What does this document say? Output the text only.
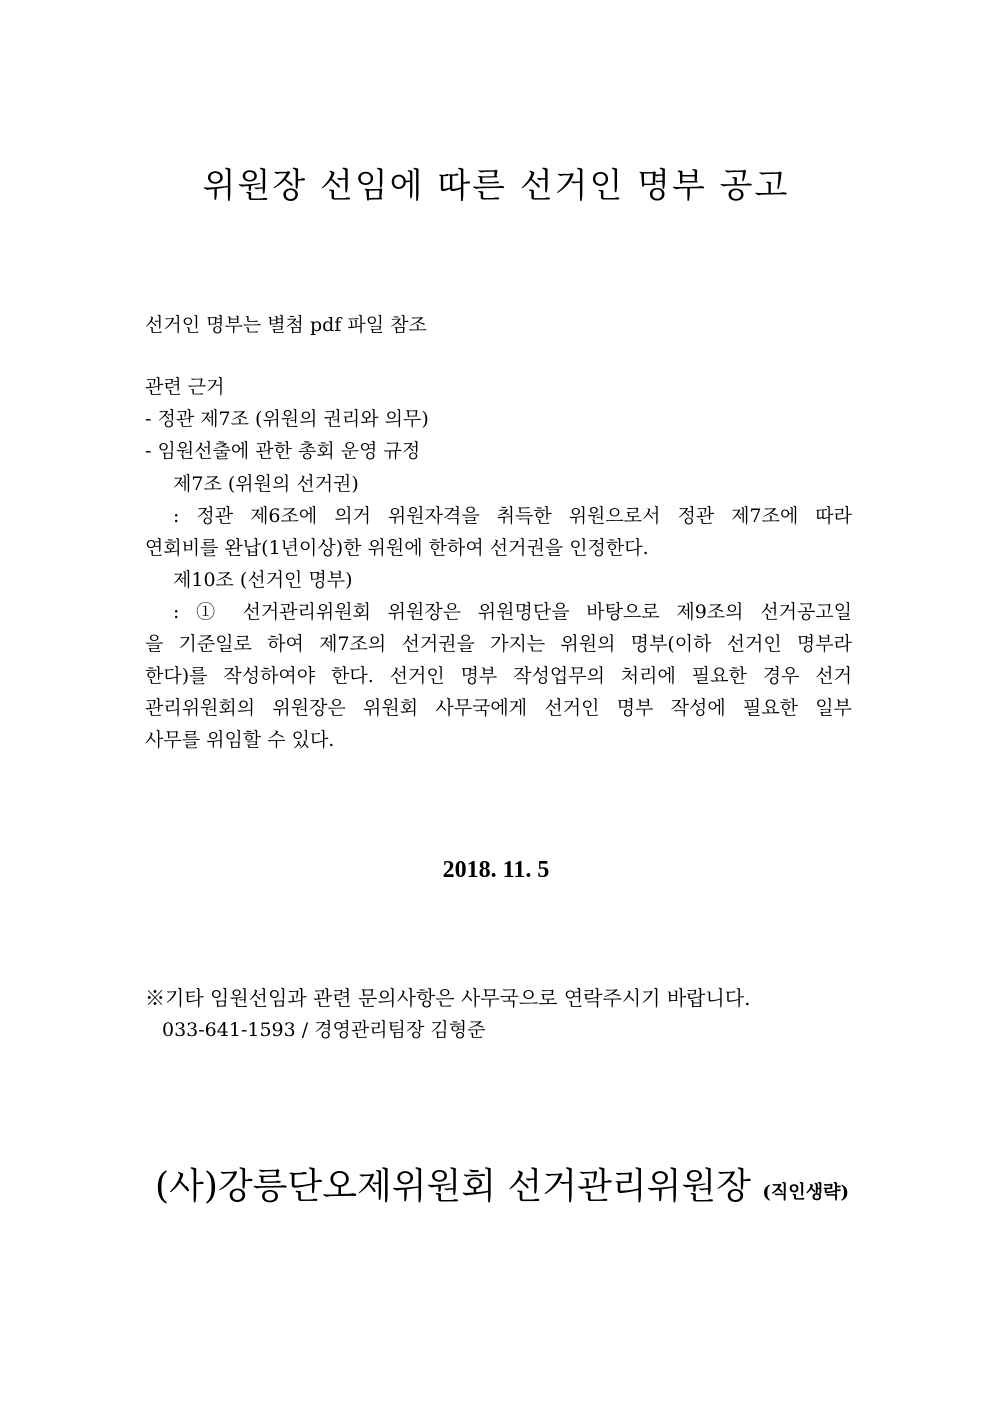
위원장 선임에 따른 선거인 명부 공고
선거인 명부는 별첨 pdf 파일 참조
관련 근거
- 정관 제7조 (위원의 권리와 의무)
- 임원선출에 관한 총회 운영 규정
제7조 (위원의 선거권)
: 정관 제6조에 의거 위원자격을 취득한 위원으로서 정관 제7조에 따라
연회비를 완납(1년이상)한 위원에 한하여 선거권을 인정한다.
제10조 (선거인 명부)
: ① 선거관리위원회 위원장은 위원명단을 바탕으로 제9조의 선거공고일
을 기준일로 하여 제7조의 선거권을 가지는 위원의 명부(이하 선거인 명부라
한다)를 작성하여야 한다. 선거인 명부 작성업무의 처리에 필요한 경우 선거
관리위원회의 위원장은 위원회 사무국에게 선거인 명부 작성에 필요한 일부
사무를 위임할 수 있다.
2018. 11. 5
※기타 임원선임과 관련 문의사항은 사무국으로 연락주시기 바랍니다.
033-641-1593 / 경영관리팀장 김형준
(사)강릉단오제위원회 선거관리위원장 (직인생략)
